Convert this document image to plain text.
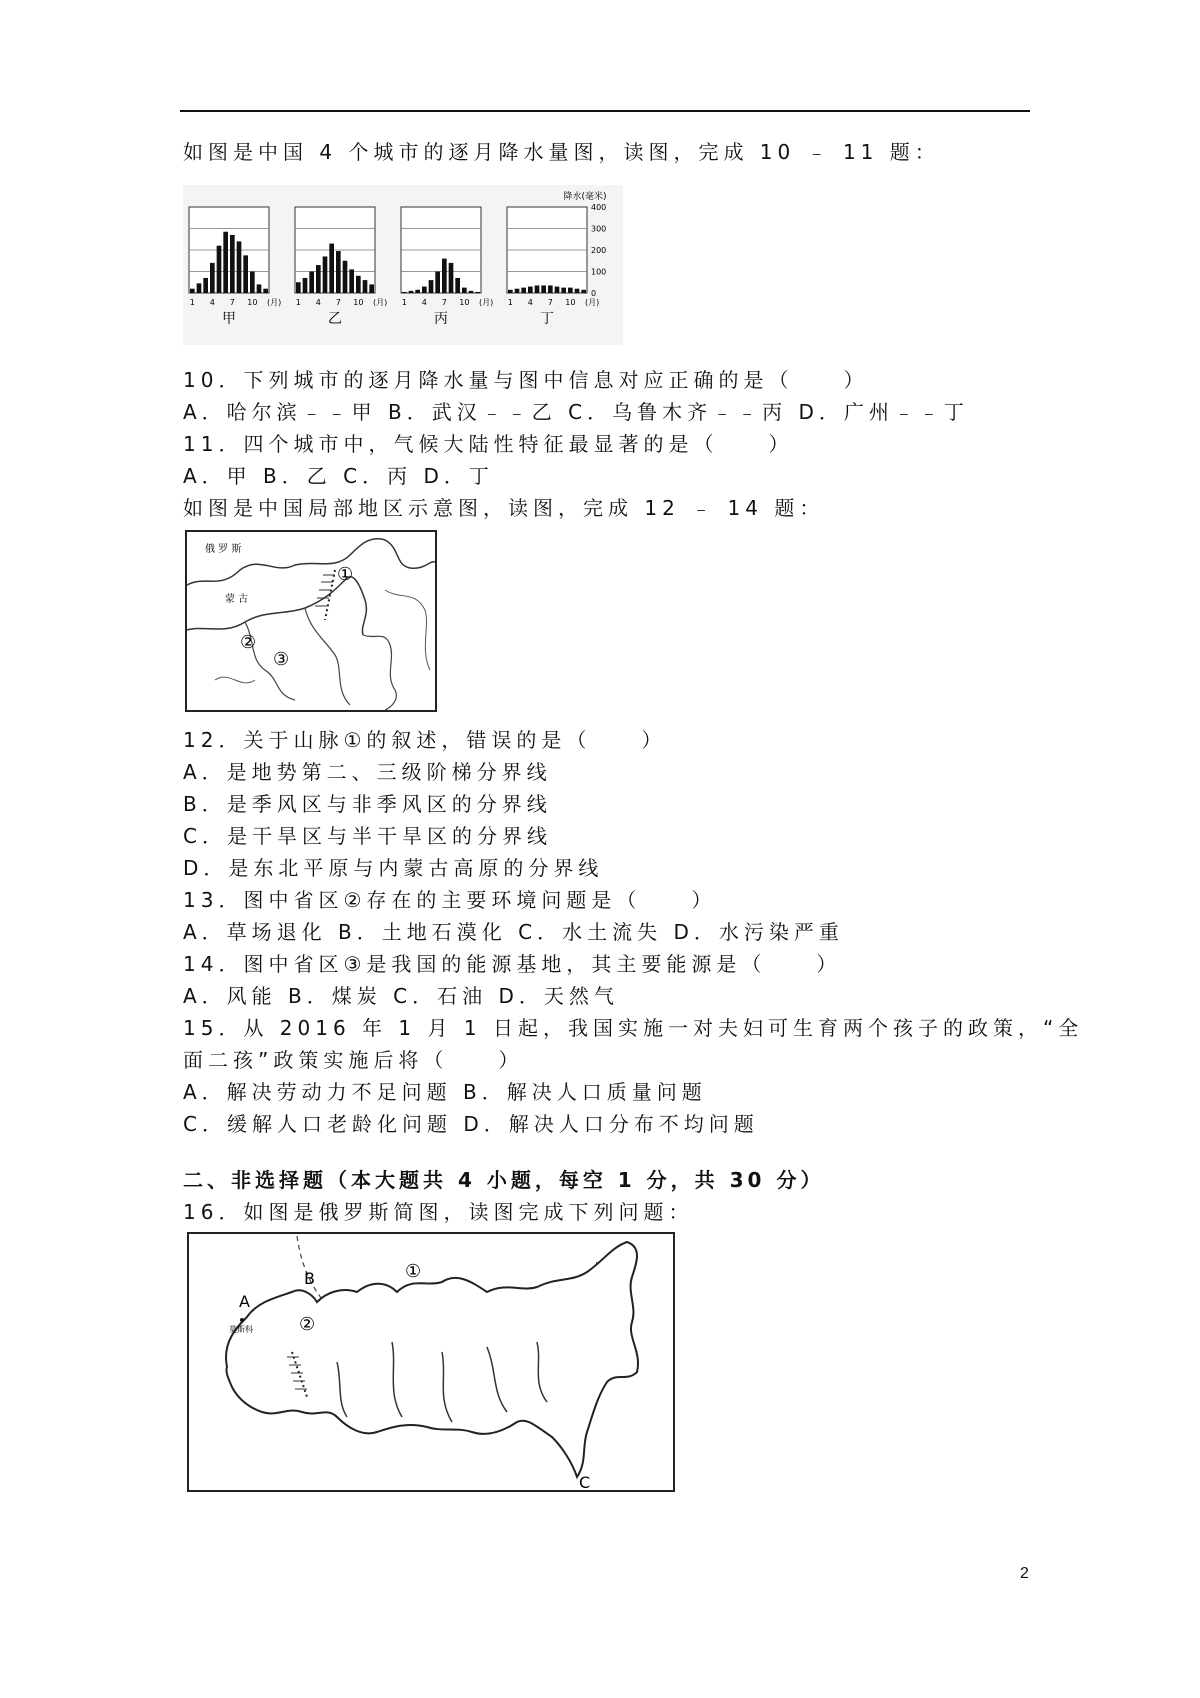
如图是中国 4 个城市的逐月降水量图，读图，完成 10 ﹣ 11 题：
降水(毫米)
400
300
200
100
0
1 4 7 10 (月)
甲
1 4 7 10 (月)
乙
1 4 7 10 (月)
丙
1 4 7 10 (月)
丁
10．下列城市的逐月降水量与图中信息对应正确的是（　　）
A．哈尔滨﹣﹣甲 B．武汉﹣﹣乙 C．乌鲁木齐﹣﹣丙 D．广州﹣﹣丁
11．四个城市中，气候大陆性特征最显著的是（　　）
A．甲 B．乙 C．丙 D．丁
如图是中国局部地区示意图，读图，完成 12 ﹣ 14 题：
俄 罗 斯
蒙 古
①
②
③
12．关于山脉①的叙述，错误的是（　　）
A．是地势第二、三级阶梯分界线
B．是季风区与非季风区的分界线
C．是干旱区与半干旱区的分界线
D．是东北平原与内蒙古高原的分界线
13．图中省区②存在的主要环境问题是（　　）
A．草场退化 B．土地石漠化 C．水土流失 D．水污染严重
14．图中省区③是我国的能源基地，其主要能源是（　　）
A．风能 B．煤炭 C．石油 D．天然气
15．从 2016 年 1 月 1 日起，我国实施一对夫妇可生育两个孩子的政策，“全
面二孩”政策实施后将（　　）
A．解决劳动力不足问题 B．解决人口质量问题
C．缓解人口老龄化问题 D．解决人口分布不均问题
二、非选择题（本大题共 4 小题，每空 1 分，共 30 分）
16．如图是俄罗斯简图，读图完成下列问题：
①
②
A
B
C
莫斯科
2
